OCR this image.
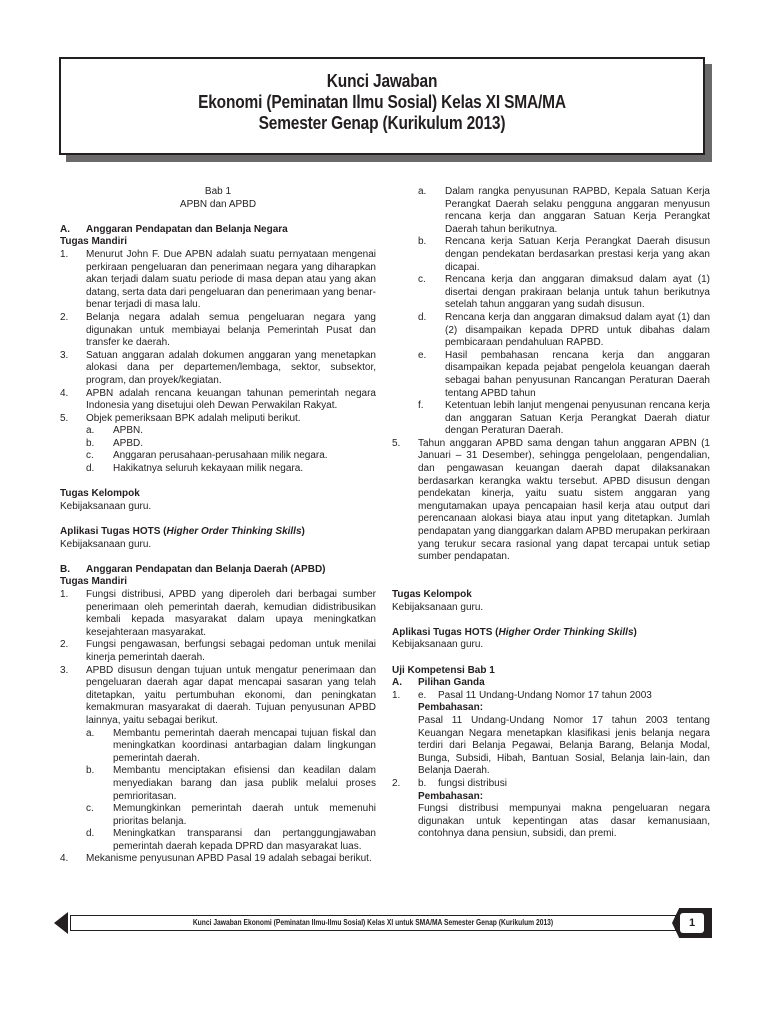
Kunci Jawaban
Ekonomi (Peminatan Ilmu Sosial) Kelas XI SMA/MA
Semester Genap (Kurikulum 2013)

Bab 1

APBN dan APBD

A.	Anggaran Pendapatan dan Belanja Negara

Tugas Mandiri

1.	Menurut John F. Due APBN adalah suatu pernyataan mengenai perkiraan pengeluaran dan penerimaan negara yang diharapkan akan terjadi dalam suatu periode di masa depan atau yang akan datang, serta data dari pengeluaran dan penerimaan yang benar-benar terjadi di masa lalu.
2.	Belanja negara adalah semua pengeluaran negara yang digunakan untuk membiayai belanja Pemerintah Pusat dan transfer ke daerah.
3.	Satuan anggaran adalah dokumen anggaran yang menetapkan alokasi dana per departemen/lembaga, sektor, subsektor, program, dan proyek/kegiatan.
4.	APBN adalah rencana keuangan tahunan pemerintah negara Indonesia yang disetujui oleh Dewan Perwakilan Rakyat.
5.	Objek pemeriksaan BPK adalah meliputi berikut.
a.	APBN.
b.	APBD.
c.	Anggaran perusahaan-perusahaan milik negara.
d.	Hakikatnya seluruh kekayaan milik negara.

Tugas Kelompok

Kebijaksanaan guru.

Aplikasi Tugas HOTS (Higher Order Thinking Skills)

Kebijaksanaan guru.

B.	Anggaran Pendapatan dan Belanja Daerah (APBD)

Tugas Mandiri

1.	Fungsi distribusi, APBD yang diperoleh dari berbagai sumber penerimaan oleh pemerintah daerah, kemudian didistribusikan kembali kepada masyarakat dalam upaya meningkatkan kesejahteraan masyarakat.
2.	Fungsi pengawasan, berfungsi sebagai pedoman untuk menilai kinerja pemerintah daerah.
3.	APBD disusun dengan tujuan untuk mengatur penerimaan dan pengeluaran daerah agar dapat mencapai sasaran yang telah ditetapkan, yaitu pertumbuhan ekonomi, dan peningkatan kemakmuran masyarakat di daerah. Tujuan penyusunan APBD lainnya, yaitu sebagai berikut.
a.	Membantu pemerintah daerah mencapai tujuan fiskal dan meningkatkan koordinasi antarbagian dalam lingkungan pemerintah daerah.
b.	Membantu menciptakan efisiensi dan keadilan dalam menyediakan barang dan jasa publik melalui proses pemrioritasan.
c.	Memungkinkan pemerintah daerah untuk memenuhi prioritas belanja.
d.	Meningkatkan transparansi dan pertanggungjawaban pemerintah daerah kepada DPRD dan masyarakat luas.
4.	Mekanisme penyusunan APBD Pasal 19 adalah sebagai berikut.
a.	Dalam rangka penyusunan RAPBD, Kepala Satuan Kerja Perangkat Daerah selaku pengguna anggaran menyusun rencana kerja dan anggaran Satuan Kerja Perangkat Daerah tahun berikutnya.
b.	Rencana kerja Satuan Kerja Perangkat Daerah disusun dengan pendekatan berdasarkan prestasi kerja yang akan dicapai.
c.	Rencana kerja dan anggaran dimaksud dalam ayat (1) disertai dengan prakiraan belanja untuk tahun berikutnya setelah tahun anggaran yang sudah disusun.
d.	Rencana kerja dan anggaran dimaksud dalam ayat (1) dan (2) disampaikan kepada DPRD untuk dibahas dalam pembicaraan pendahuluan RAPBD.
e.	Hasil pembahasan rencana kerja dan anggaran disampaikan kepada pejabat pengelola keuangan daerah sebagai bahan penyusunan Rancangan Peraturan Daerah tentang APBD tahun
f.	Ketentuan lebih lanjut mengenai penyusunan rencana kerja dan anggaran Satuan Kerja Perangkat Daerah diatur dengan Peraturan Daerah.
5.	Tahun anggaran APBD sama dengan tahun anggaran APBN (1 Januari – 31 Desember), sehingga pengelolaan, pengendalian, dan pengawasan keuangan daerah dapat dilaksanakan berdasarkan kerangka waktu tersebut. APBD disusun dengan pendekatan kinerja, yaitu suatu sistem anggaran yang mengutamakan upaya pencapaian hasil kerja atau output dari perencanaan alokasi biaya atau input yang ditetapkan. Jumlah pendapatan yang dianggarkan dalam APBD merupakan perkiraan yang terukur secara rasional yang dapat tercapai untuk setiap sumber pendapatan.

Tugas Kelompok

Kebijaksanaan guru.

Aplikasi Tugas HOTS (Higher Order Thinking Skills)

Kebijaksanaan guru.

Uji Kompetensi Bab 1

A.	Pilihan Ganda
1.	e. Pasal 11 Undang-Undang Nomor 17 tahun 2003
Pembahasan:
Pasal 11 Undang-Undang Nomor 17 tahun 2003 tentang Keuangan Negara menetapkan klasifikasi jenis belanja negara terdiri dari Belanja Pegawai, Belanja Barang, Belanja Modal, Bunga, Subsidi, Hibah, Bantuan Sosial, Belanja lain-lain, dan Belanja Daerah.
2.	b. fungsi distribusi
Pembahasan:
Fungsi distribusi mempunyai makna pengeluaran negara digunakan untuk kepentingan atas dasar kemanusiaan, contohnya dana pensiun, subsidi, dan premi.
Kunci Jawaban Ekonomi (Peminatan Ilmu-Ilmu Sosial) Kelas XI untuk SMA/MA Semester Genap (Kurikulum 2013)	1
